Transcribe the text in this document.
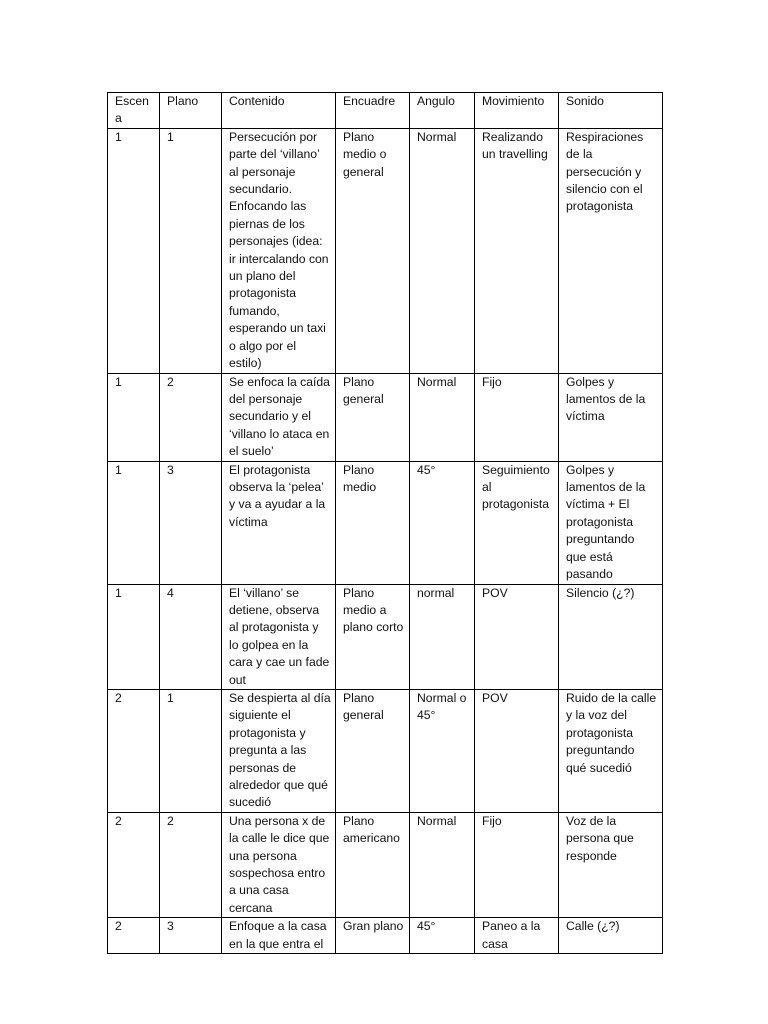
Escena	Plano	Contenido	Encuadre	Angulo	Movimiento	Sonido
1	1	Persecución por parte del ‘villano’ al personaje secundario. Enfocando las piernas de los personajes (idea: ir intercalando con un plano del protagonista fumando, esperando un taxi o algo por el estilo)	Plano medio o general	Normal	Realizando un travelling	Respiraciones de la persecución y silencio con el protagonista
1	2	Se enfoca la caída del personaje secundario y el ‘villano lo ataca en el suelo’	Plano general	Normal	Fijo	Golpes y lamentos de la víctima
1	3	El protagonista observa la ‘pelea’ y va a ayudar a la víctima	Plano medio	45°	Seguimiento al protagonista	Golpes y lamentos de la víctima + El protagonista preguntando que está pasando
1	4	El ‘villano’ se detiene, observa al protagonista y lo golpea en la cara y cae un fade out	Plano medio a plano corto	normal	POV	Silencio (¿?)
2	1	Se despierta al día siguiente el protagonista y pregunta a las personas de alrededor que qué sucedió	Plano general	Normal o 45°	POV	Ruido de la calle y la voz del protagonista preguntando qué sucedió
2	2	Una persona x de la calle le dice que una persona sospechosa entro a una casa cercana	Plano americano	Normal	Fijo	Voz de la persona que responde
2	3	Enfoque a la casa en la que entra el	Gran plano	45°	Paneo a la casa	Calle (¿?)
